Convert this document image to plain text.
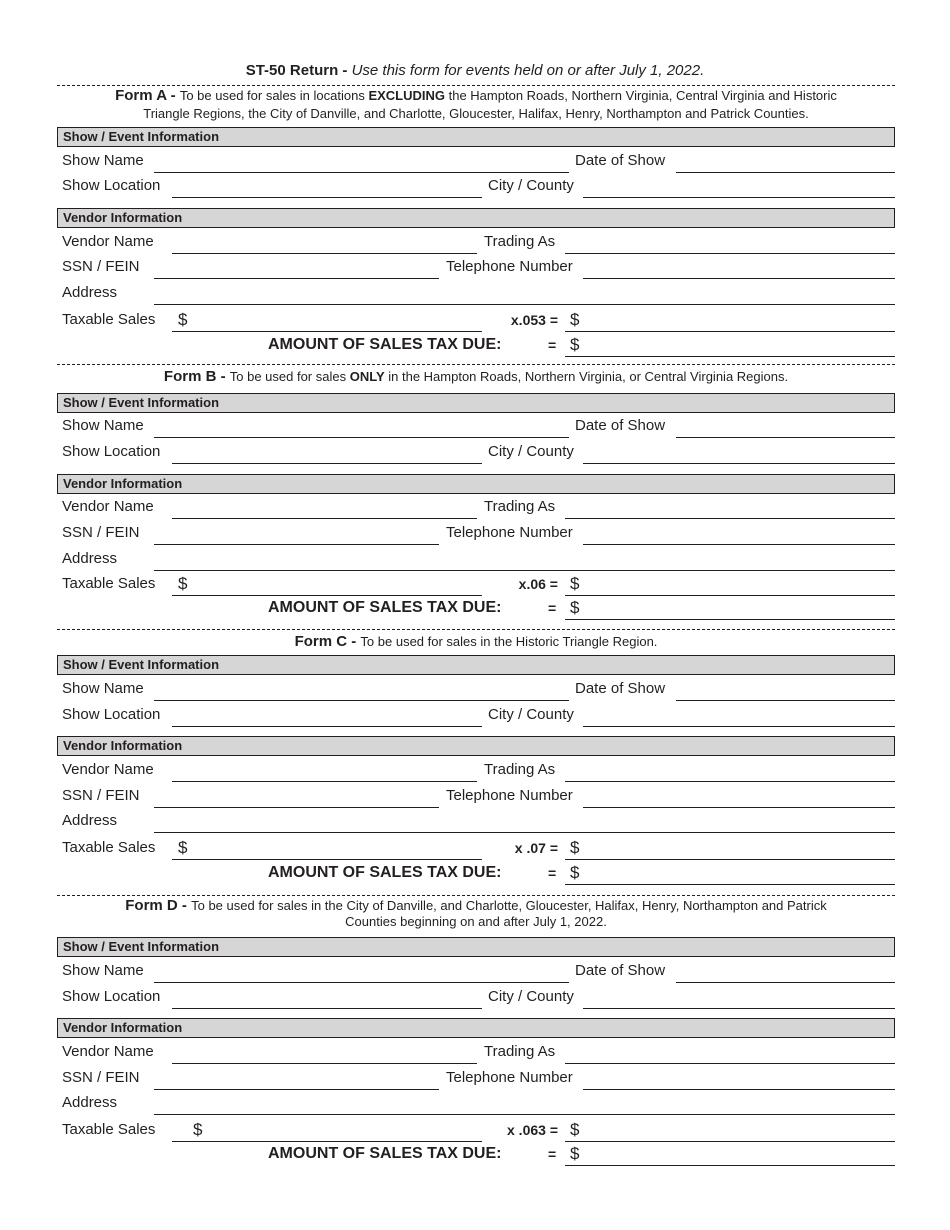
ST-50 Return - Use this form for events held on or after July 1, 2022.
Form A - To be used for sales in locations EXCLUDING the Hampton Roads, Northern Virginia, Central Virginia and Historic
Triangle Regions, the City of Danville, and Charlotte, Gloucester, Halifax, Henry, Northampton and Patrick Counties.
Show / Event Information
Show Name	Date of Show
Show Location	City / County
Vendor Information
Vendor Name	Trading As
SSN / FEIN	Telephone Number
Address
Taxable Sales $	x.053 = $
AMOUNT OF SALES TAX DUE:	= $
Form B - To be used for sales ONLY in the Hampton Roads, Northern Virginia, or Central Virginia Regions.
Show / Event Information
Show Name	Date of Show
Show Location	City / County
Vendor Information
Vendor Name	Trading As
SSN / FEIN	Telephone Number
Address
Taxable Sales $	x.06 = $
AMOUNT OF SALES TAX DUE:	= $
Form C - To be used for sales in the Historic Triangle Region.
Show / Event Information
Show Name	Date of Show
Show Location	City / County
Vendor Information
Vendor Name	Trading As
SSN / FEIN	Telephone Number
Address
Taxable Sales $	x .07 = $
AMOUNT OF SALES TAX DUE:	= $
Form D - To be used for sales in the City of Danville, and Charlotte, Gloucester, Halifax, Henry, Northampton and Patrick
Counties beginning on and after July 1, 2022.
Show / Event Information
Show Name	Date of Show
Show Location	City / County
Vendor Information
Vendor Name	Trading As
SSN / FEIN	Telephone Number
Address
Taxable Sales $	x .063 = $
AMOUNT OF SALES TAX DUE:	= $
